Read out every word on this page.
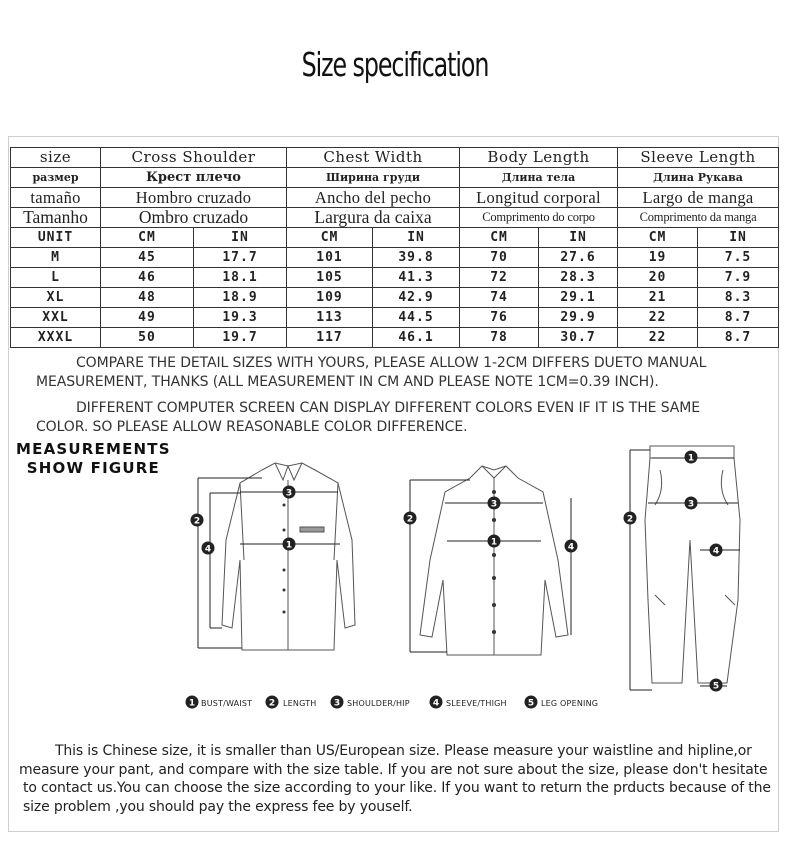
Size specification
size	Cross Shoulder		Chest Width		Body Length		Sleeve Length	
размер	Крест плечо		Ширина груди		Длина тела		Длина Рукава	
tamaño	Hombro cruzado		Ancho del pecho		Longitud corporal		Largo de manga	
Tamanho	Ombro cruzado		Largura da caixa		Comprimento do corpo		Comprimento da manga	
UNIT	CM	IN	CM	IN	CM	IN	CM	IN
M	45	17.7	101	39.8	70	27.6	19	7.5
L	46	18.1	105	41.3	72	28.3	20	7.9
XL	48	18.9	109	42.9	74	29.1	21	8.3
XXL	49	19.3	113	44.5	76	29.9	22	8.7
XXXL	50	19.7	117	46.1	78	30.7	22	8.7
COMPARE THE DETAIL SIZES WITH YOURS, PLEASE ALLOW 1-2CM DIFFERS DUETO MANUAL
MEASUREMENT, THANKS (ALL MEASUREMENT IN CM AND PLEASE NOTE 1CM=0.39 INCH).
DIFFERENT COMPUTER SCREEN CAN DISPLAY DIFFERENT COLORS EVEN IF IT IS THE SAME
COLOR. SO PLEASE ALLOW REASONABLE COLOR DIFFERENCE.
MEASUREMENTS
SHOW FIGURE
1
2
3
4
1
2
3
4
1
2
3
4
5
1 BUST/WAIST 2 LENGTH 3 SHOULDER/HIP	4 SLEEVE/THIGH 5 LEG OPENING
This is Chinese size, it is smaller than US/European size. Please measure your waistline and hipline,or
measure your pant, and compare with the size table. If you are not sure about the size, please don't hesitate
to contact us.You can choose the size according to your like. If you want to return the prducts because of the
size problem ,you should pay the express fee by youself.
